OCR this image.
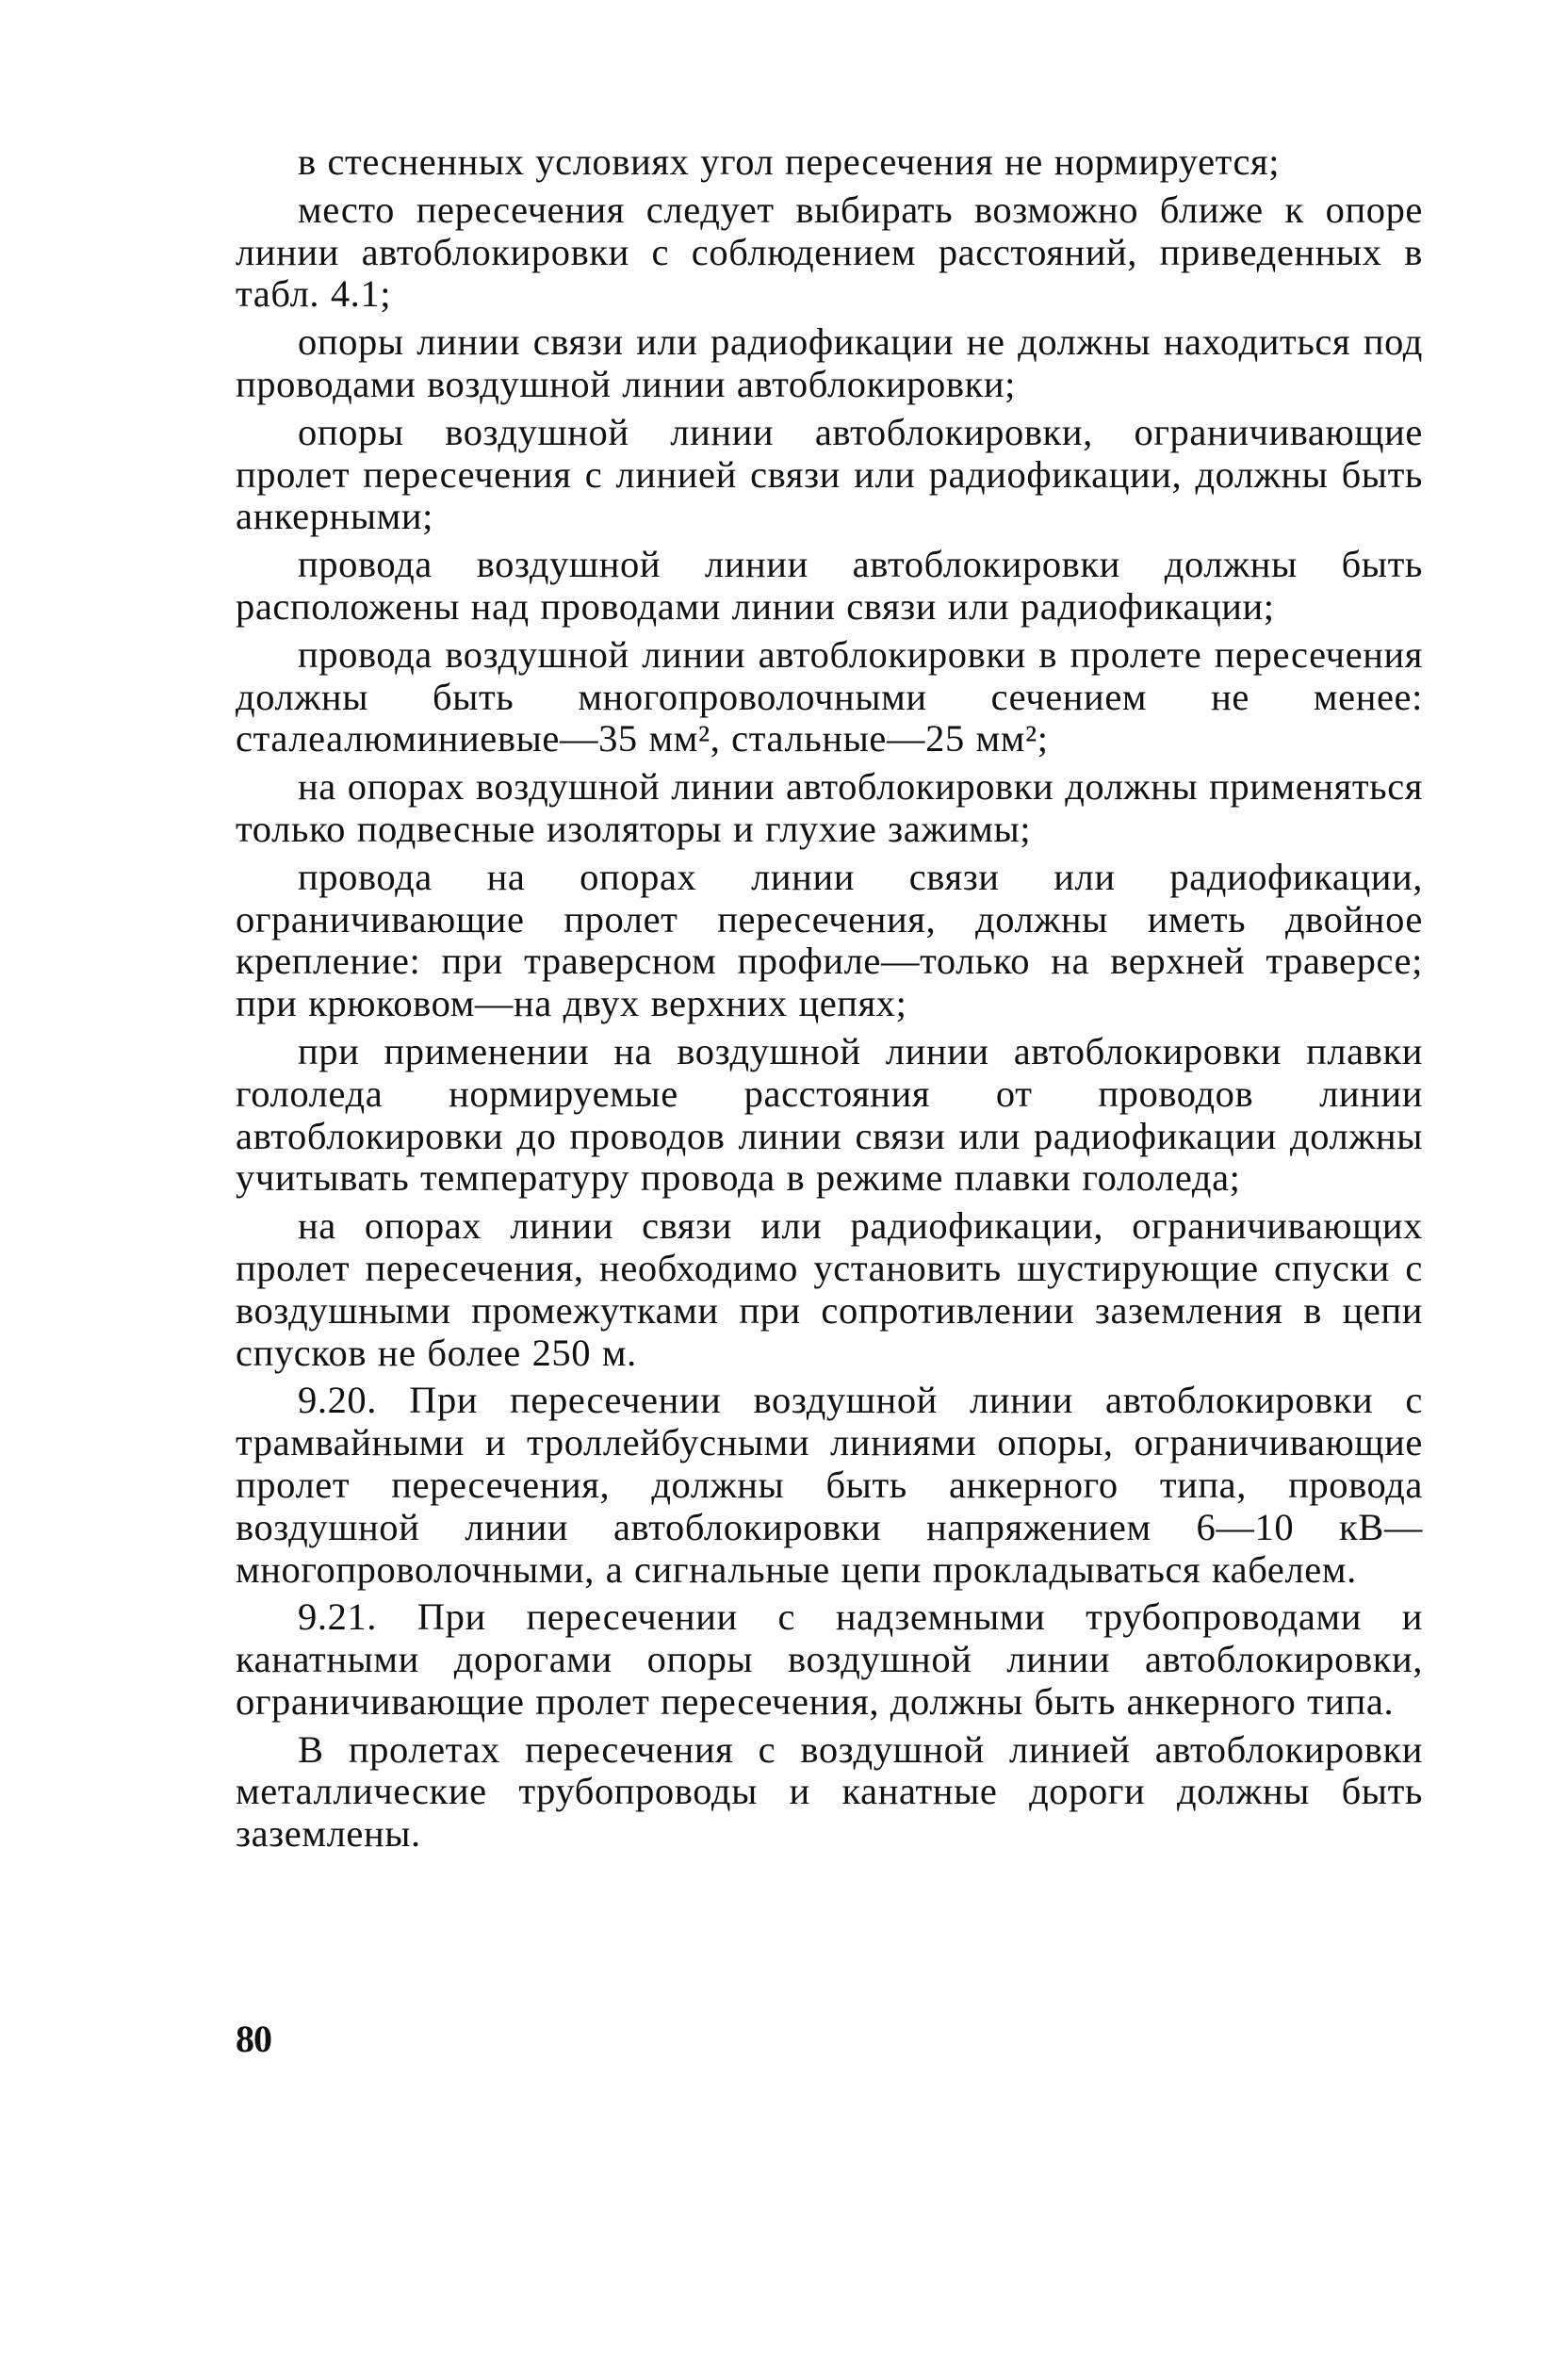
в стесненных условиях угол пересечения не нормируется;

место пересечения следует выбирать возможно ближе к опоре линии автоблокировки с соблюдением расстояний, приведенных в табл. 4.1;

опоры линии связи или радиофикации не должны находиться под проводами воздушной линии автоблокировки;

опоры воздушной линии автоблокировки, ограничивающие пролет пересечения с линией связи или радиофикации, должны быть анкерными;

провода воздушной линии автоблокировки должны быть расположены над проводами линии связи или радиофикации;

провода воздушной линии автоблокировки в пролете пересечения должны быть многопроволочными сечением не менее: сталеалюминиевые—35 мм², стальные—25 мм²;

на опорах воздушной линии автоблокировки должны применяться только подвесные изоляторы и глухие зажимы;

провода на опорах линии связи или радиофикации, ограничивающие пролет пересечения, должны иметь двойное крепление: при траверсном профиле—только на верхней траверсе; при крюковом—на двух верхних цепях;

при применении на воздушной линии автоблокировки плавки гололеда нормируемые расстояния от проводов линии автоблокировки до проводов линии связи или радиофикации должны учитывать температуру провода в режиме плавки гололеда;

на опорах линии связи или радиофикации, ограничивающих пролет пересечения, необходимо установить шустирующие спуски с воздушными промежутками при сопротивлении заземления в цепи спусков не более 250 м.

9.20. При пересечении воздушной линии автоблокировки с трамвайными и троллейбусными линиями опоры, ограничивающие пролет пересечения, должны быть анкерного типа, провода воздушной линии автоблокировки напряжением 6—10 кВ—многопроволочными, а сигнальные цепи прокладываться кабелем.

9.21. При пересечении с надземными трубопроводами и канатными дорогами опоры воздушной линии автоблокировки, ограничивающие пролет пересечения, должны быть анкерного типа.

В пролетах пересечения с воздушной линией автоблокировки металлические трубопроводы и канатные дороги должны быть заземлены.

80
